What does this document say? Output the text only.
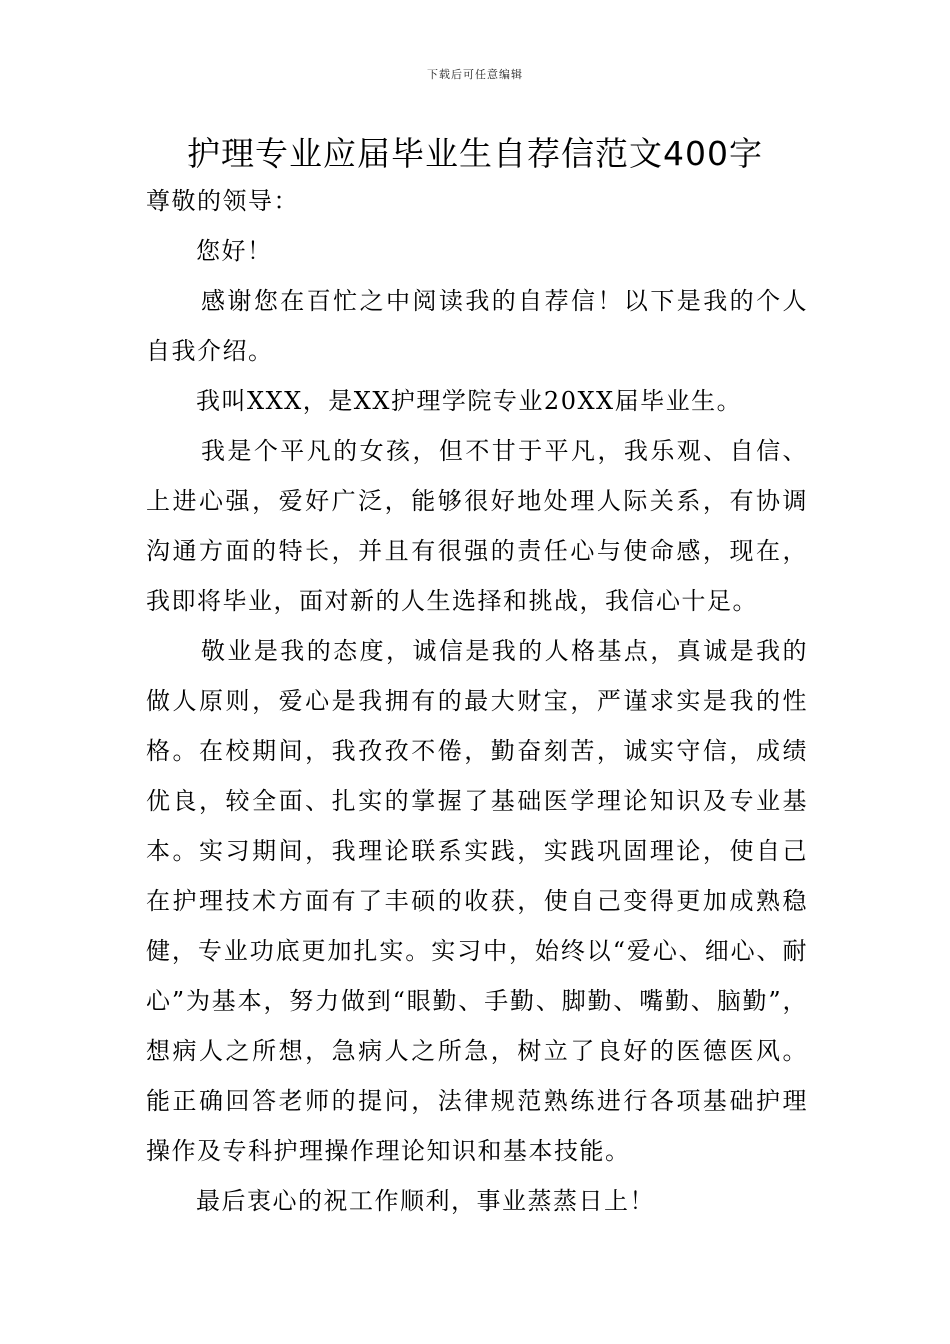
下载后可任意编辑
护理专业应届毕业生自荐信范文400字

尊敬的领导：

您好！

感谢您在百忙之中阅读我的自荐信！以下是我的个人自我介绍。

我叫XXX，是XX护理学院专业20XX届毕业生。

我是个平凡的女孩，但不甘于平凡，我乐观、自信、上进心强，爱好广泛，能够很好地处理人际关系，有协调沟通方面的特长，并且有很强的责任心与使命感，现在，我即将毕业，面对新的人生选择和挑战，我信心十足。

敬业是我的态度，诚信是我的人格基点，真诚是我的做人原则，爱心是我拥有的最大财宝，严谨求实是我的性格。在校期间，我孜孜不倦，勤奋刻苦，诚实守信，成绩优良，较全面、扎实的掌握了基础医学理论知识及专业基本。实习期间，我理论联系实践，实践巩固理论，使自己在护理技术方面有了丰硕的收获，使自己变得更加成熟稳健，专业功底更加扎实。实习中，始终以“爱心、细心、耐心”为基本，努力做到“眼勤、手勤、脚勤、嘴勤、脑勤”，想病人之所想，急病人之所急，树立了良好的医德医风。能正确回答老师的提问，法律规范熟练进行各项基础护理操作及专科护理操作理论知识和基本技能。

最后衷心的祝工作顺利，事业蒸蒸日上！
